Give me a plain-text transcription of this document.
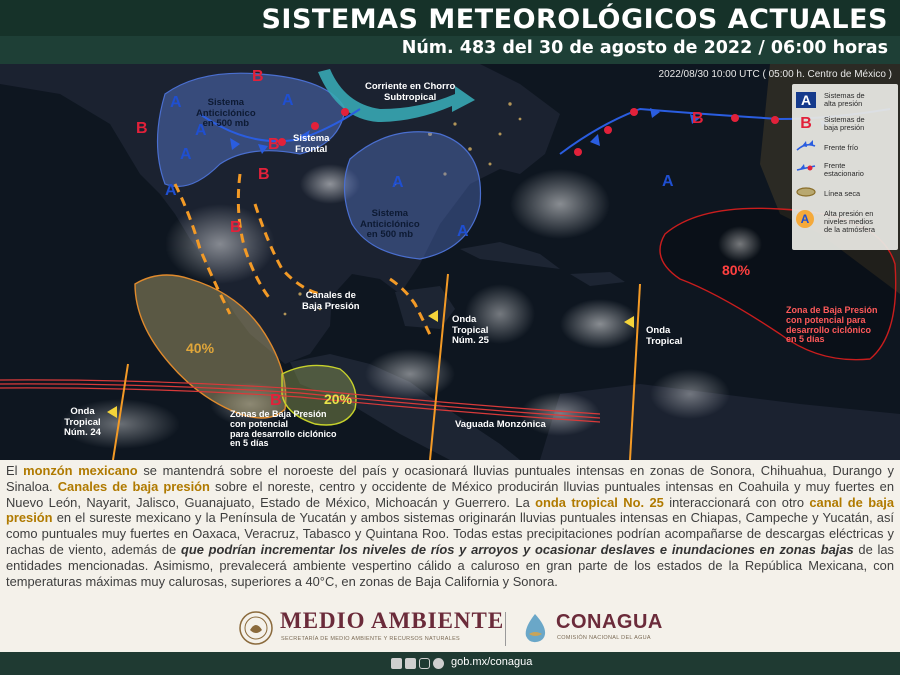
SISTEMAS METEOROLÓGICOS ACTUALES
Núm. 483 del 30 de agosto de 2022 / 06:00 horas
2022/08/30 10:00 UTC ( 05:00 h. Centro de México )
B
A	A
B	A
B
A
B
A
B
A
A
A
B
B
Sistema
Anticiclónico
en 500 mb
Sistema
Frontal
Corriente en Chorro
Subtropical
Sistema
Anticiclónico
en 500 mb
Canales de
Baja Presión
Onda
Tropical
Núm. 25
Onda
Tropical
Onda
Tropical
Núm. 24
Zonas de Baja Presión
con potencial
para desarrollo ciclónico
en 5 días
Vaguada Monzónica
Zona de Baja Presión
con potencial para
desarrollo ciclónico
en 5 días
40%
20%
80%
A	Sistemas de
alta presión
B	Sistemas de
baja presión
Frente frío
Frente
estacionario
Línea seca
A	Alta presión en
niveles medios
de la atmósfera
El monzón mexicano se mantendrá sobre el noroeste del país y ocasionará lluvias puntuales intensas en zonas de Sonora, Chihuahua, Durango y Sinaloa. Canales de baja presión sobre el noreste, centro y occidente de México producirán lluvias puntuales intensas en Coahuila y muy fuertes en Nuevo León, Nayarit, Jalisco, Guanajuato, Estado de México, Michoacán y Guerrero. La onda tropical No. 25 interaccionará con otro canal de baja presión en el sureste mexicano y la Península de Yucatán y ambos sistemas originarán lluvias puntuales intensas en Chiapas, Campeche y Yucatán, así como puntuales muy fuertes en Oaxaca, Veracruz, Tabasco y Quintana Roo. Todas estas precipitaciones podrían acompañarse de descargas eléctricas y rachas de viento, además de que podrían incrementar los niveles de ríos y arroyos y ocasionar deslaves e inundaciones en zonas bajas de las entidades mencionadas. Asimismo, prevalecerá ambiente vespertino cálido a caluroso en gran parte de los estados de la República Mexicana, con temperaturas máximas muy calurosas, superiores a 40°C, en zonas de Baja California y Sonora.
MEDIO AMBIENTE
SECRETARÍA DE MEDIO AMBIENTE Y RECURSOS NATURALES
CONAGUA
COMISIÓN NACIONAL DEL AGUA
gob.mx/conagua
